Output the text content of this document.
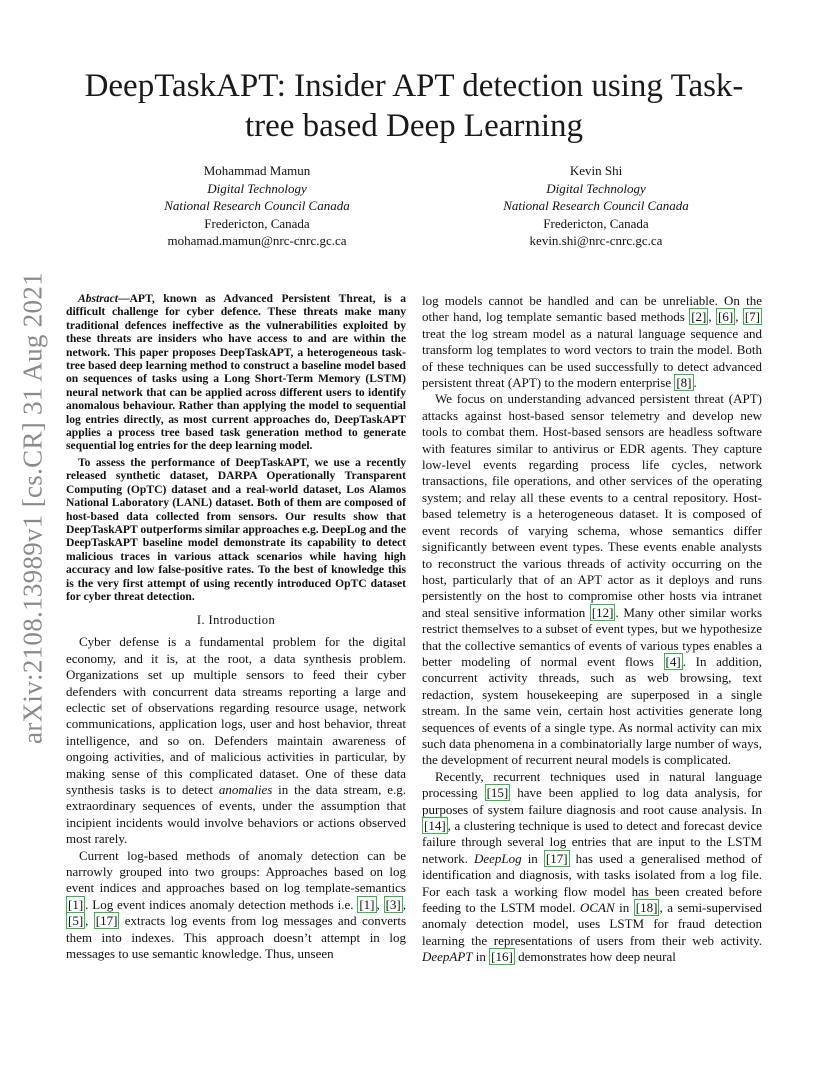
DeepTaskAPT: Insider APT detection using Task-tree based Deep Learning
Mohammad Mamun
Digital Technology
National Research Council Canada
Fredericton, Canada
mohamad.mamun@nrc-cnrc.gc.ca
Kevin Shi
Digital Technology
National Research Council Canada
Fredericton, Canada
kevin.shi@nrc-cnrc.gc.ca
arXiv:2108.13989v1 [cs.CR] 31 Aug 2021	Abstract—APT, known as Advanced Persistent Threat, is a difficult challenge for cyber defence. These threats make many traditional defences ineffective as the vulnerabilities exploited by these threats are insiders who have access to and are within the network. This paper proposes DeepTaskAPT, a heterogeneous task-tree based deep learning method to construct a baseline model based on sequences of tasks using a Long Short-Term Memory (LSTM) neural network that can be applied across different users to identify anomalous behaviour. Rather than applying the model to sequential log entries directly, as most current approaches do, DeepTaskAPT applies a process tree based task generation method to generate sequential log entries for the deep learning model.

To assess the performance of DeepTaskAPT, we use a recently released synthetic dataset, DARPA Operationally Transparent Computing (OpTC) dataset and a real-world dataset, Los Alamos National Laboratory (LANL) dataset. Both of them are composed of host-based data collected from sensors. Our results show that DeepTaskAPT outperforms similar approaches e.g. DeepLog and the DeepTaskAPT baseline model demonstrate its capability to detect malicious traces in various attack scenarios while having high accuracy and low false-positive rates. To the best of knowledge this is the very first attempt of using recently introduced OpTC dataset for cyber threat detection.

I. Introduction

Cyber defense is a fundamental problem for the digital economy, and it is, at the root, a data synthesis problem. Organizations set up multiple sensors to feed their cyber defenders with concurrent data streams reporting a large and eclectic set of observations regarding resource usage, network communications, application logs, user and host behavior, threat intelligence, and so on. Defenders maintain awareness of ongoing activities, and of malicious activities in particular, by making sense of this complicated dataset. One of these data synthesis tasks is to detect anomalies in the data stream, e.g. extraordinary sequences of events, under the assumption that incipient incidents would involve behaviors or actions observed most rarely.

Current log-based methods of anomaly detection can be narrowly grouped into two groups: Approaches based on log event indices and approaches based on log template-semantics [1] . Log event indices anomaly detection methods i.e. [1] , [3] , [5] , [17] extracts log events from log messages and converts them into indexes. This approach doesn’t attempt in log messages to use semantic knowledge. Thus, unseen

log models cannot be handled and can be unreliable. On the other hand, log template semantic based methods [2] , [6] , [7] treat the log stream model as a natural language sequence and transform log templates to word vectors to train the model. Both of these techniques can be used successfully to detect advanced persistent threat (APT) to the modern enterprise [8] .

We focus on understanding advanced persistent threat (APT) attacks against host-based sensor telemetry and develop new tools to combat them. Host-based sensors are headless software with features similar to antivirus or EDR agents. They capture low-level events regarding process life cycles, network transactions, file operations, and other services of the operating system; and relay all these events to a central repository. Host-based telemetry is a heterogeneous dataset. It is composed of event records of varying schema, whose semantics differ significantly between event types. These events enable analysts to reconstruct the various threads of activity occurring on the host, particularly that of an APT actor as it deploys and runs persistently on the host to compromise other hosts via intranet and steal sensitive information [12] . Many other similar works restrict themselves to a subset of event types, but we hypothesize that the collective semantics of events of various types enables a better modeling of normal event flows [4] . In addition, concurrent activity threads, such as web browsing, text redaction, system housekeeping are superposed in a single stream. In the same vein, certain host activities generate long sequences of events of a single type. As normal activity can mix such data phenomena in a combinatorially large number of ways, the development of recurrent neural models is complicated.

Recently, recurrent techniques used in natural language processing [15] have been applied to log data analysis, for purposes of system failure diagnosis and root cause analysis. In [14] , a clustering technique is used to detect and forecast device failure through several log entries that are input to the LSTM network. DeepLog in [17] has used a generalised method of identification and diagnosis, with tasks isolated from a log file. For each task a working flow model has been created before feeding to the LSTM model. OCAN in [18] , a semi-supervised anomaly detection model, uses LSTM for fraud detection learning the representations of users from their web activity. DeepAPT in [16] demonstrates how deep neural
